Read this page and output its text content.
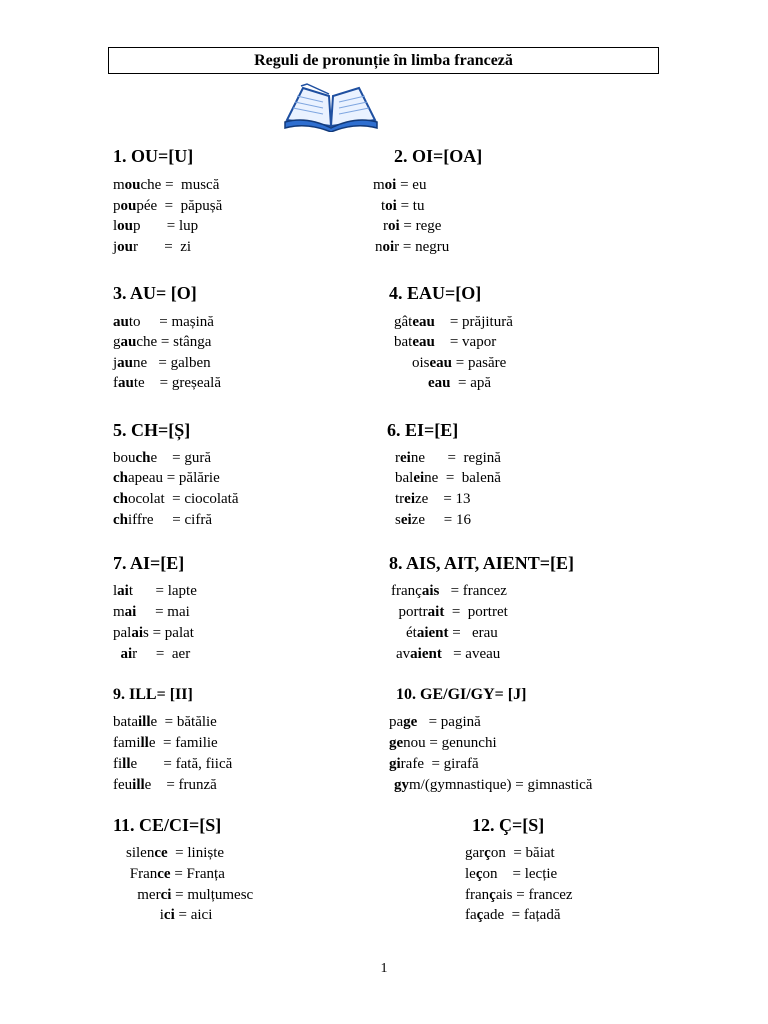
Reguli de pronunție în limba franceză
1. OU=[U]
mouche =  muscă
poupée  =  păpușă
loup       = lup
jour       =  zi
2. OI=[OA]
moi = eu
toi = tu
roi = rege
noir = negru
3. AU= [O]
auto     = mașină
gauche = stânga
jaune   = galben
faute    = greșeală
4. EAU=[O]
gâteau    = prăjitură
bateau    = vapor
oiseau = pasăre
eau  = apă
5. CH=[Ș]
bouche    = gură
chapeau = pălărie
chocolat  = ciocolată
chiffre     = cifră
6. EI=[E]
reine      =  regină
baleine  =  balenă
treize    = 13
seize     = 16
7. AI=[E]
lait      = lapte
mai     = mai
palais = palat
air     =  aer
8. AIS, AIT, AIENT=[E]
français   = francez
portrait  =  portret
étaient =   erau
avaient   = aveau
9. ILL= [II]
bataille  = bătălie
famille  = familie
fille       = fată, fiică
feuille    = frunză
10. GE/GI/GY= [J]
page   = pagină
genou = genunchi
girafe  = girafă
gym/(gymnastique) = gimnastică
11. CE/CI=[S]
silence  = liniște
France = Franța
merci = mulțumesc
ici = aici
12. Ç=[S]
garçon  = băiat
leçon    = lecție
français = francez
façade  = fațadă
1
